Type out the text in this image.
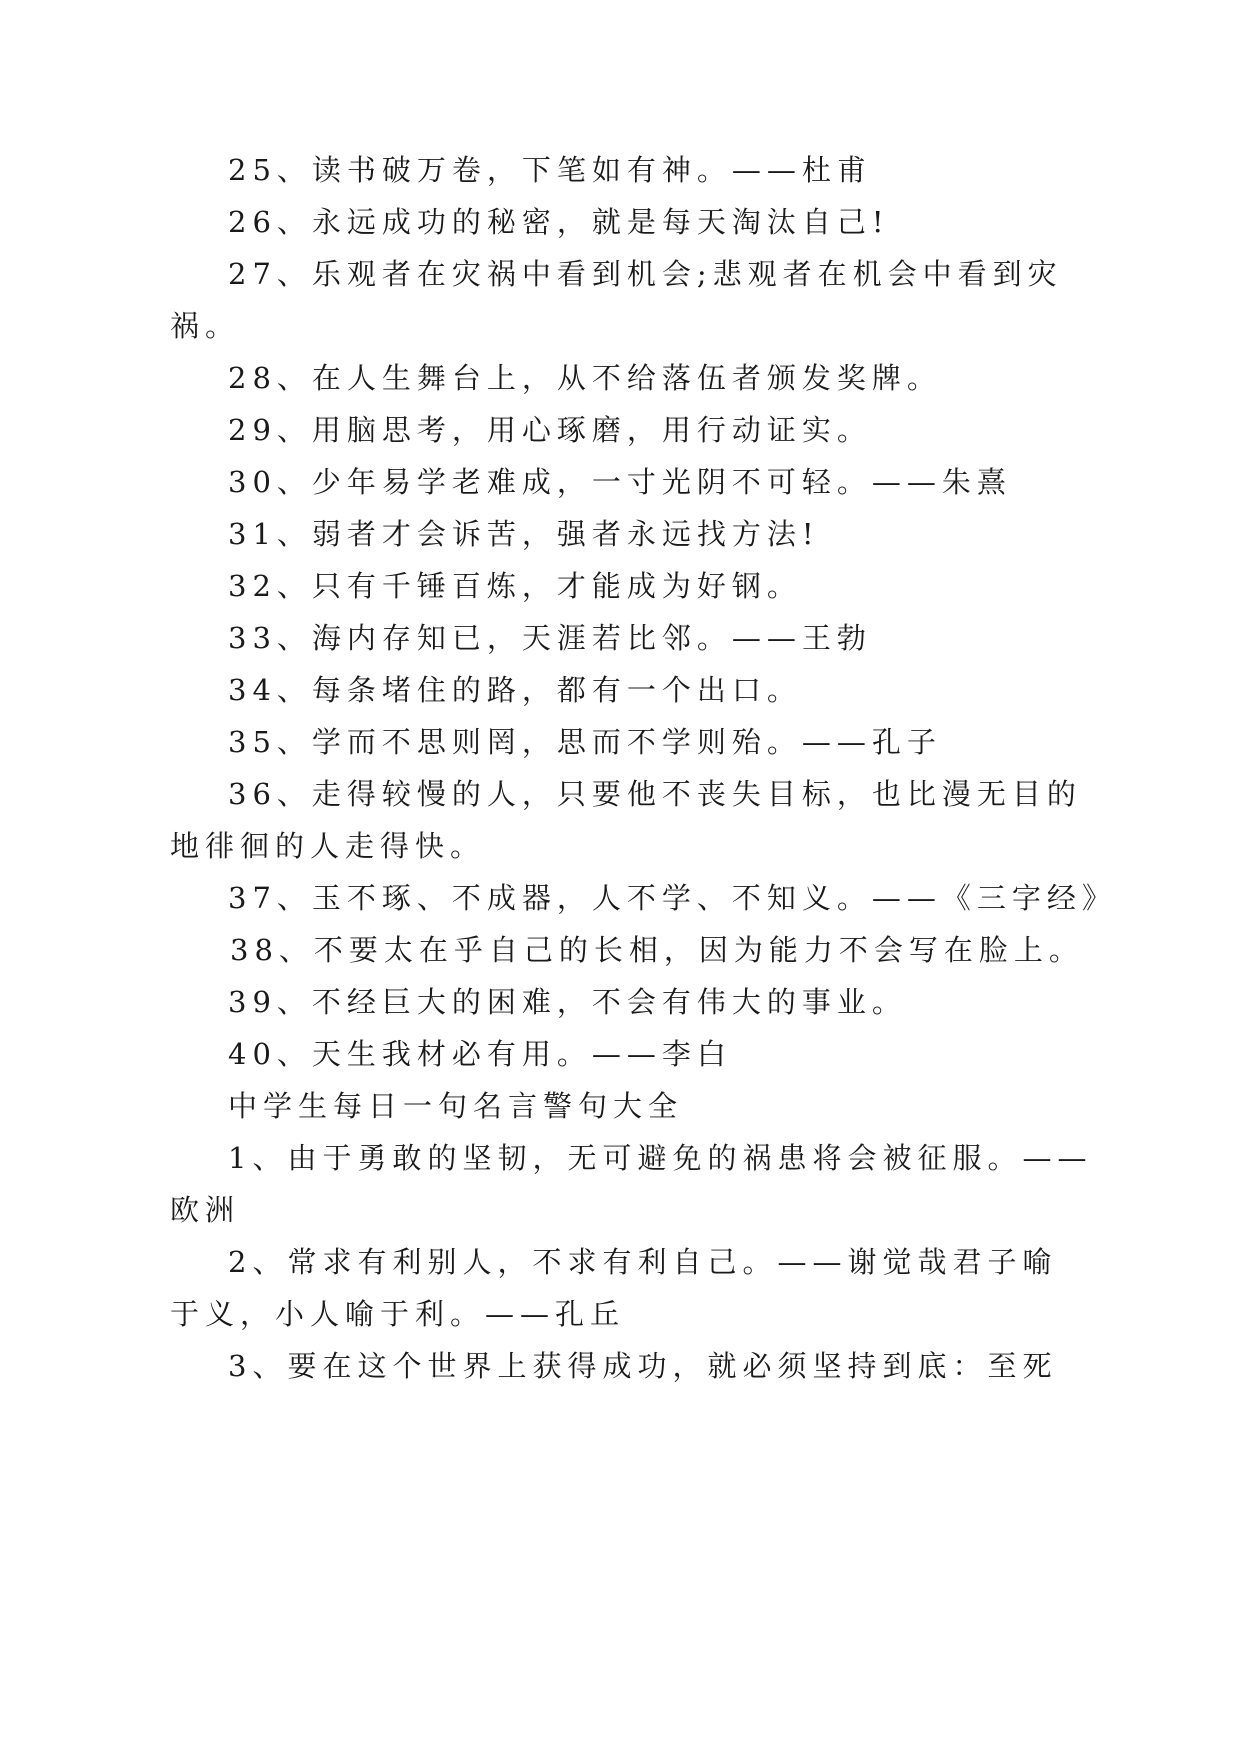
25、读书破万卷，下笔如有神。——杜甫
26、永远成功的秘密，就是每天淘汰自己!
27、乐观者在灾祸中看到机会;悲观者在机会中看到灾
祸。
28、在人生舞台上，从不给落伍者颁发奖牌。
29、用脑思考，用心琢磨，用行动证实。
30、少年易学老难成，一寸光阴不可轻。——朱熹
31、弱者才会诉苦，强者永远找方法!
32、只有千锤百炼，才能成为好钢。
33、海内存知已，天涯若比邻。——王勃
34、每条堵住的路，都有一个出口。
35、学而不思则罔，思而不学则殆。——孔子
36、走得较慢的人，只要他不丧失目标，也比漫无目的
地徘徊的人走得快。
37、玉不琢、不成器，人不学、不知义。——《三字经》
38、不要太在乎自己的长相，因为能力不会写在脸上。
39、不经巨大的困难，不会有伟大的事业。
40、天生我材必有用。——李白
中学生每日一句名言警句大全
1、由于勇敢的坚韧，无可避免的祸患将会被征服。——
欧洲
2、常求有利别人，不求有利自己。——谢觉哉君子喻
于义，小人喻于利。——孔丘
3、要在这个世界上获得成功，就必须坚持到底：至死
